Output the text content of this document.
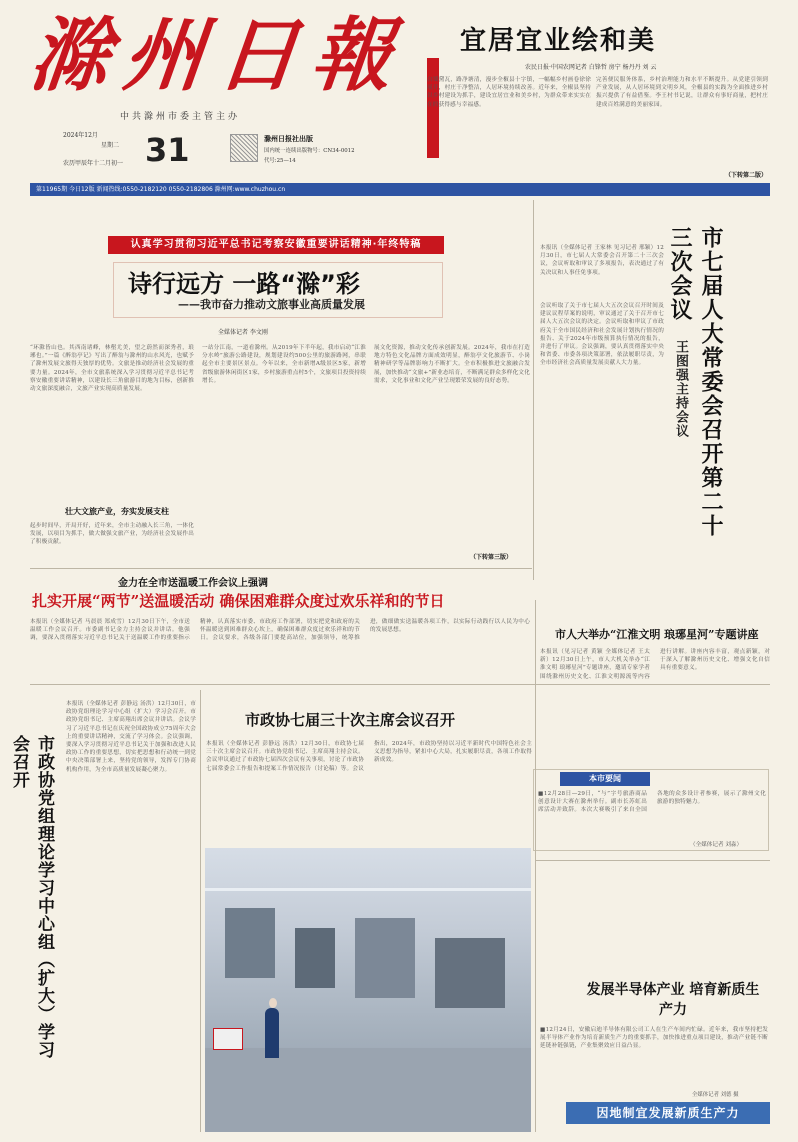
滁州日報
中共滁州市委主管主办
2024年12月
星期二
农历甲辰年十二月初一 31	滁州日报社出版
国内统一连续出版物号：CN34-0012
代号:25—14
第11965期 今日12版 新闻热线:0550-2182120 0550-2182806 滁州网:www.chuzhou.cn
宜居宜业绘和美
农民日报·中国农网记者 白锋哲 房宁 杨丹丹 刘 云
白墙黛瓦，路净塘清，漫步全椒县十字镇，一幅幅乡村画卷徐徐展开，村庄干净整洁，人居环境持续改善。近年来，全椒县坚持以乡村建设为抓手，建设宜居宜业和美乡村，为群众带来实实在在的获得感与幸福感。
完善便民服务体系，乡村治理能力和水平不断提升。从党建引领到产业发展，从人居环境到文明乡风，全椒县的实践为全面推进乡村振兴提供了有益借鉴。李王村书记说，让群众有事好商量，把村庄建成百姓满意的美丽家园。
（下转第二版）
认真学习贯彻习近平总书记考察安徽重要讲话精神·年终特稿
诗行远方 一路“滁”彩
——我市奋力推动文旅事业高质量发展
全媒体记者 李文刚
“环滁皆山也。其西南诸峰，林壑尤美，望之蔚然而深秀者，琅琊也。”一篇《醉翁亭记》写出了醉翁与滁州的山水风光，也赋予了滁州发展文旅得天独厚的优势。文旅是推动经济社会发展的重要力量。2024年，全市文旅系统深入学习贯彻习近平总书记考察安徽重要讲话精神，以建设长三角旅游目的地为目标，创新推动文旅深度融合，文旅产业实现高质量发展。
壮大文旅产业，夯实发展支柱
起步时间早，开局开好，近年来，全市主动融入长三角，一体化发展，以项目为抓手，做大做强文旅产业，为经济社会发展作出了积极贡献。
一站分江南，一道看滁州。从2019年下半年起，我市启动“江淮分水岭”旅游公路建设，规划建设约500公里的旅游路网，串联起全市主要景区景点。今年以来，全市新增A级景区5家，新增省级旅游休闲街区1家，乡村旅游重点村5个，文旅项目投资持续增长。
展文化资源，推动文化传承创新发展。2024年，我市在打造地方特色文化品牌方面成效明显，醉翁亭文化旅游节、小岗精神研学等品牌影响力不断扩大。全市积极推进文旅融合发展，加快推动“文旅+”新业态培育，不断满足群众多样化文化需求，文化事业和文化产业呈现繁荣发展的良好态势。
（下转第三版）
市七届人大常委会召开第二十三次会议
王图强主持会议
本报讯（全媒体记者 王家林 见习记者 邢颖）12月30日，市七届人大常委会召开第二十三次会议，会议听取和审议了多项报告，表决通过了有关决议和人事任免事项。
会议听取了关于市七届人大五次会议召开时间及建议议程草案的说明，审议通过了关于召开市七届人大五次会议的决定。会议听取和审议了市政府关于全市国民经济和社会发展计划执行情况的报告、关于2024年市级预算执行情况的报告，并进行了审议。会议强调，要认真贯彻落实中央和省委、市委各项决策部署，依法履职尽责，为全市经济社会高质量发展贡献人大力量。
金力在全市送温暖工作会议上强调
扎实开展“两节”送温暖活动 确保困难群众度过欢乐祥和的节日
本报讯（全媒体记者 马晨晨 郑成雪）12月30日下午，全市送温暖工作会议召开。市委副书记金力主持会议并讲话。他强调，要深入贯彻落实习近平总书记关于送温暖工作的重要指示精神，认真落实市委、市政府工作部署，切实把党和政府的关怀温暖送到困难群众心坎上，确保困难群众度过欢乐祥和的节日。会议要求，各级各部门要提高站位，加强领导，统筹推进，做细做实送温暖各项工作，以实际行动践行以人民为中心的发展思想。
市政协党组理论学习中心组（扩大）学习会召开
本报讯（全媒体记者 彭静远 汤洪）12月30日，市政协党组理论学习中心组（扩大）学习会召开。市政协党组书记、主席高翔出席会议并讲话。会议学习了习近平总书记在庆祝全国政协成立75周年大会上的重要讲话精神，交流了学习体会。会议强调，要深入学习贯彻习近平总书记关于加强和改进人民政协工作的重要思想，切实把思想和行动统一到党中央决策部署上来，坚持党的领导，发挥专门协商机构作用，为全市高质量发展凝心聚力。
市政协七届三十次主席会议召开
本报讯（全媒体记者 彭静远 汤洪）12月30日，市政协七届三十次主席会议召开。市政协党组书记、主席高翔主持会议。会议审议通过了市政协七届四次会议有关事项，讨论了市政协七届常委会工作报告和提案工作情况报告（讨论稿）等。会议指出，2024年，市政协坚持以习近平新时代中国特色社会主义思想为指导，紧扣中心大局，扎实履职尽责，各项工作取得新成效。
市人大举办“江淮文明 琅琊星河”专题讲座
本报讯（见习记者 黄颖 全媒体记者 王太新）12月30日上午，市人大机关举办“江淮文明 琅琊星河”专题讲座，邀请专家学者围绕滁州历史文化、江淮文明源流等内容进行讲解。讲座内容丰富，观点新颖，对于深入了解滁州历史文化、增强文化自信具有重要意义。
本市要闻
■12月28日—29日，“与”字号旅游商品创意设计大赛在滁州举行。副市长苏虹出席活动并致辞。本次大赛吸引了来自全国各地的众多设计者参赛，展示了滁州文化旅游的独特魅力。
（全媒体记者 刘淼）
发展半导体产业 培育新质生产力
■12月24日，安徽启迪半导体有限公司工人在生产车间内忙碌。近年来，我市坚持把发展半导体产业作为培育新质生产力的重要抓手，加快推进重点项目建设，推动产业链不断延链补链强链，产业集聚效应日益凸显。
全媒体记者 刘德 摄
因地制宜发展新质生产力
